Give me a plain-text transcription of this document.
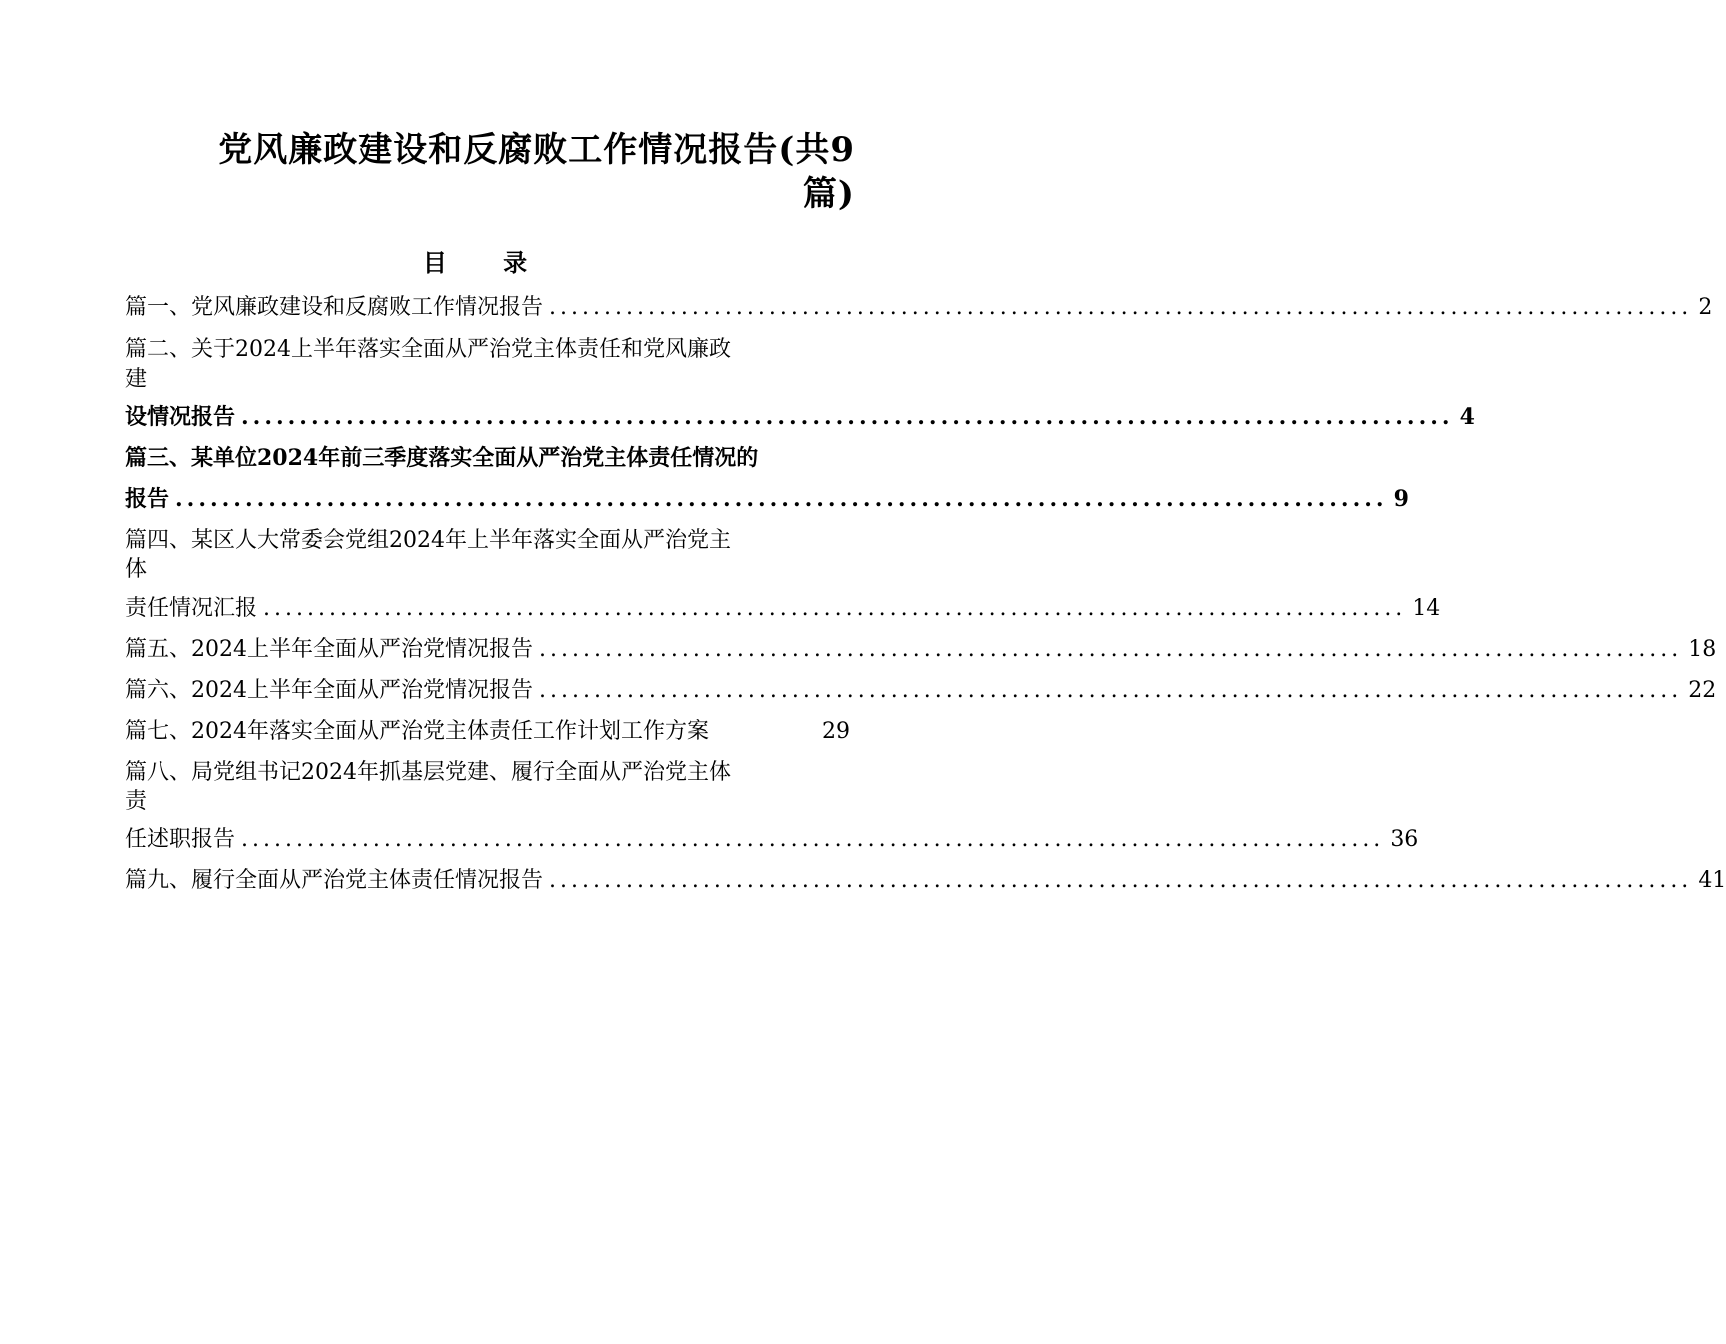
党风廉政建设和反腐败工作情况报告(共9
篇)
目 录
篇一、党风廉政建设和反腐败工作情况报告 ........................................................................................................ 2
篇二、关于2024上半年落实全面从严治党主体责任和党风廉政
建
设情况报告 ........................................................................................................ 4
篇三、某单位2024年前三季度落实全面从严治党主体责任情况的
报告 ........................................................................................................ 9
篇四、某区人大常委会党组2024年上半年落实全面从严治党主
体
责任情况汇报 ........................................................................................................ 14
篇五、2024上半年全面从严治党情况报告 ........................................................................................................ 18
篇六、2024上半年全面从严治党情况报告 ........................................................................................................ 22
篇七、2024年落实全面从严治党主体责任工作计划工作方案	29
篇八、局党组书记2024年抓基层党建、履行全面从严治党主体
责
任述职报告 ........................................................................................................ 36
篇九、履行全面从严治党主体责任情况报告 ........................................................................................................ 41
